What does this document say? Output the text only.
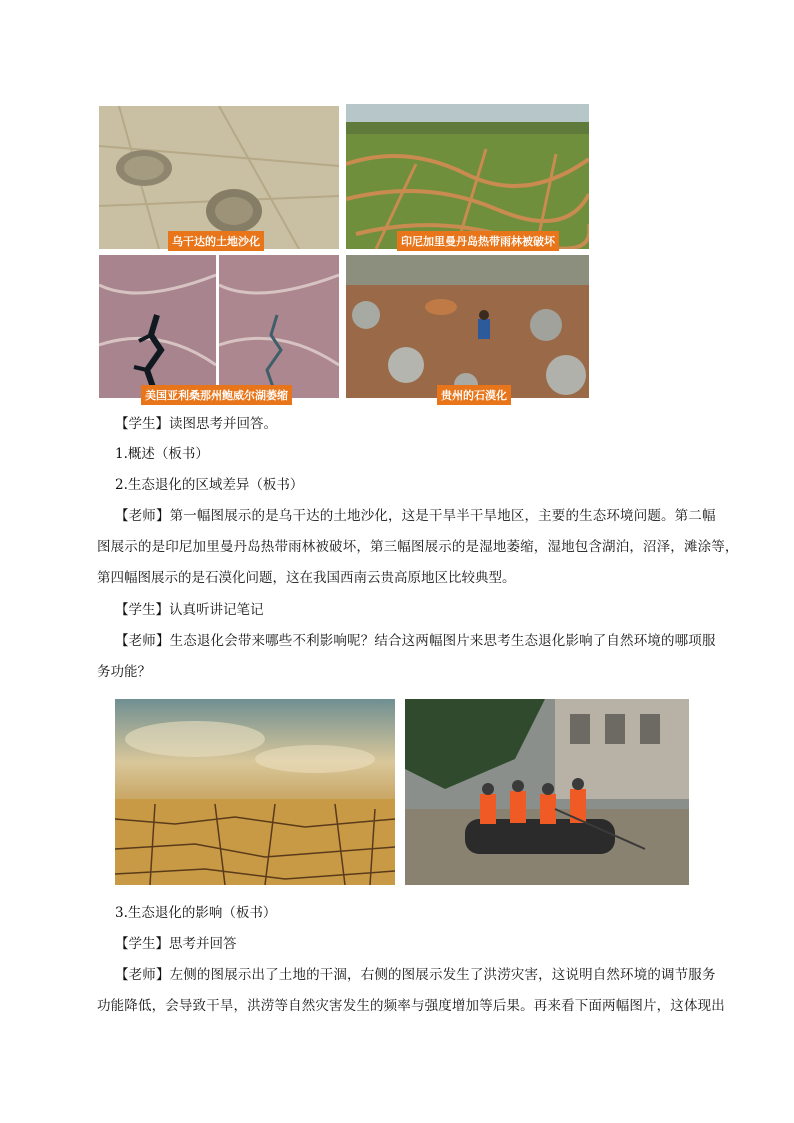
乌干达的土地沙化	印尼加里曼丹岛热带雨林被破坏
美国亚利桑那州鲍威尔湖萎缩	贵州的石漠化
【学生】读图思考并回答。
1.概述（板书）
2.生态退化的区域差异（板书）
【老师】第一幅图展示的是乌干达的土地沙化，这是干旱半干旱地区，主要的生态环境问题。第二幅
图展示的是印尼加里曼丹岛热带雨林被破坏，第三幅图展示的是湿地萎缩，湿地包含湖泊，沼泽，滩涂等，
第四幅图展示的是石漠化问题，这在我国西南云贵高原地区比较典型。
【学生】认真听讲记笔记
【老师】生态退化会带来哪些不利影响呢？结合这两幅图片来思考生态退化影响了自然环境的哪项服
务功能？
3.生态退化的影响（板书）
【学生】思考并回答
【老师】左侧的图展示出了土地的干涸，右侧的图展示发生了洪涝灾害，这说明自然环境的调节服务
功能降低，会导致干旱，洪涝等自然灾害发生的频率与强度增加等后果。再来看下面两幅图片，这体现出
